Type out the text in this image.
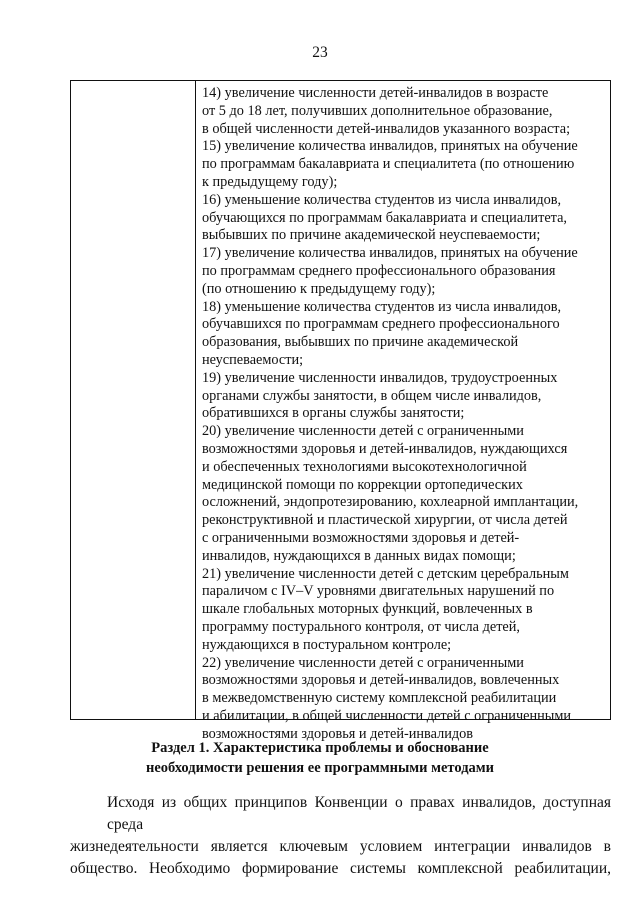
23
14) увеличение численности детей-инвалидов в возрасте
от 5 до 18 лет, получивших дополнительное образование,
в общей численности детей-инвалидов указанного возраста;
15) увеличение количества инвалидов, принятых на обучение
по программам бакалавриата и специалитета (по отношению
к предыдущему году);
16) уменьшение количества студентов из числа инвалидов,
обучающихся по программам бакалавриата и специалитета,
выбывших по причине академической неуспеваемости;
17) увеличение количества инвалидов, принятых на обучение
по программам среднего профессионального образования
(по отношению к предыдущему году);
18) уменьшение количества студентов из числа инвалидов,
обучавшихся по программам среднего профессионального
образования, выбывших по причине академической
неуспеваемости;
19) увеличение численности инвалидов, трудоустроенных
органами службы занятости, в общем числе инвалидов,
обратившихся в органы службы занятости;
20) увеличение численности детей с ограниченными
возможностями здоровья и детей-инвалидов, нуждающихся
и обеспеченных технологиями высокотехнологичной
медицинской помощи по коррекции ортопедических
осложнений, эндопротезированию, кохлеарной имплантации,
реконструктивной и пластической хирургии, от числа детей
с ограниченными возможностями здоровья и детей-
инвалидов, нуждающихся в данных видах помощи;
21) увеличение численности детей с детским церебральным
параличом с IV–V уровнями двигательных нарушений по
шкале глобальных моторных функций, вовлеченных в
программу постурального контроля, от числа детей,
нуждающихся в постуральном контроле;
22) увеличение численности детей с ограниченными
возможностями здоровья и детей-инвалидов, вовлеченных
в межведомственную систему комплексной реабилитации
и абилитации, в общей численности детей с ограниченными
возможностями здоровья и детей-инвалидов
Раздел 1. Характеристика проблемы и обоснование
необходимости решения ее программными методами
Исходя из общих принципов Конвенции о правах инвалидов, доступная среда
жизнедеятельности является ключевым условием интеграции инвалидов в
общество. Необходимо формирование системы комплексной реабилитации,
